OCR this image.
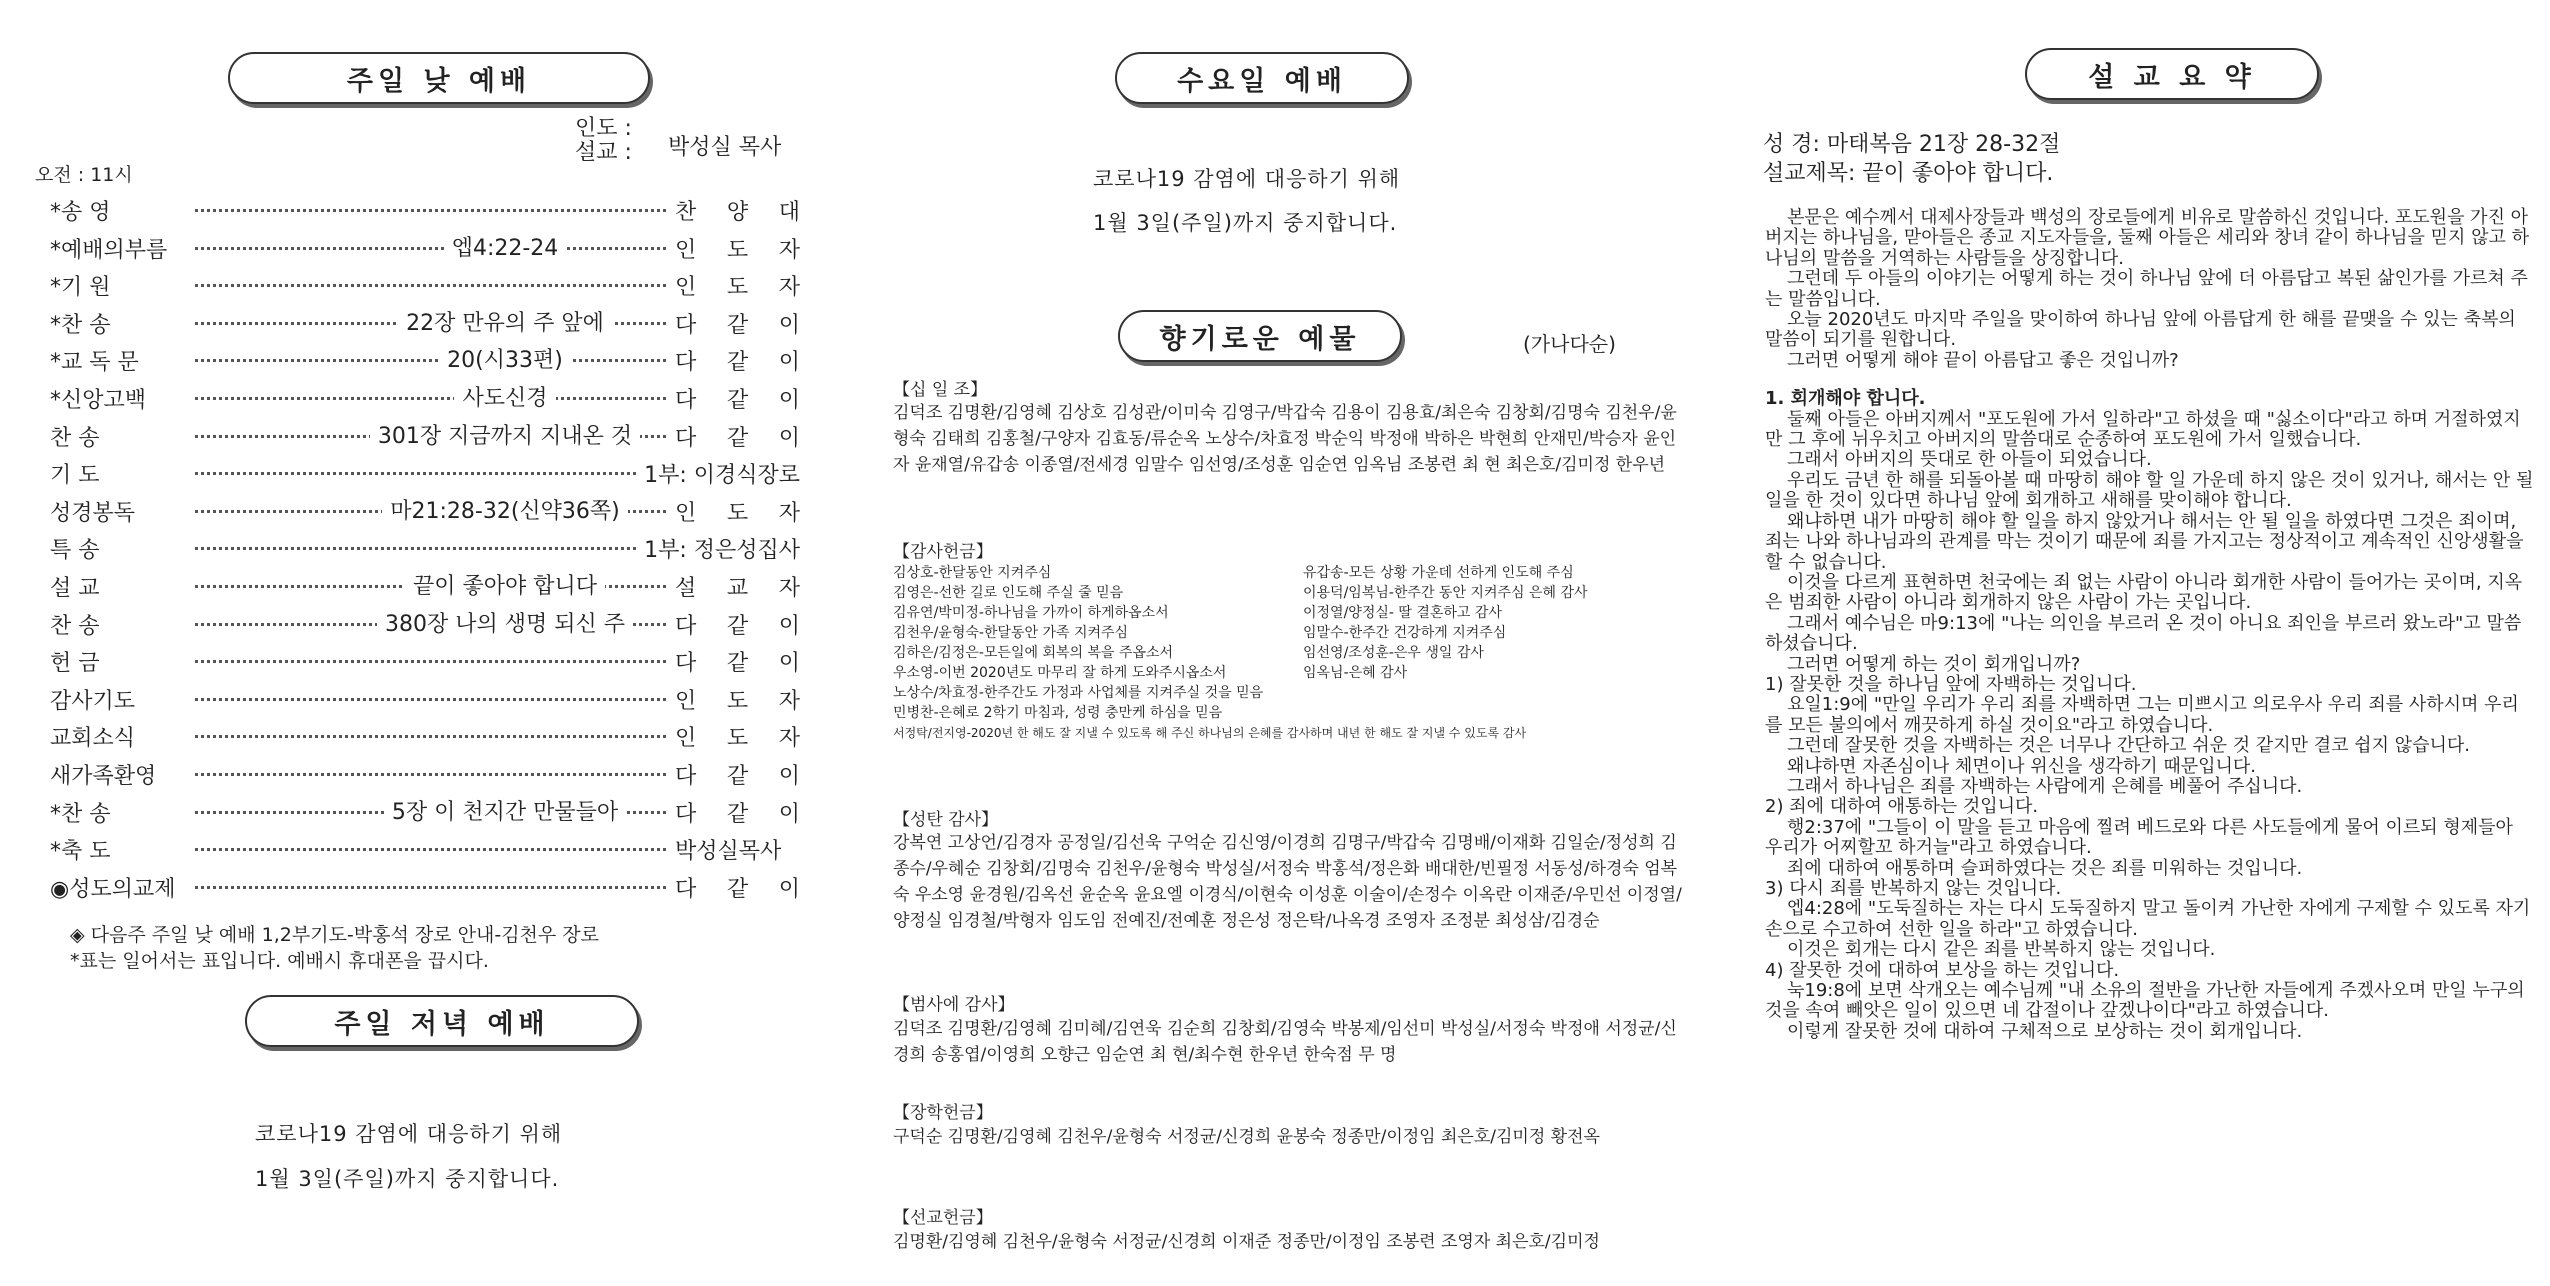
주일 낮 예배
인도 :
설교 : 박성실 목사
오전 : 11시
*송 영	찬 양 대
*예배의부름	엡4:22-24	인 도 자
*기 원	인 도 자
*찬 송	22장 만유의 주 앞에	다 같 이
*교 독 문	20(시33편)	다 같 이
*신앙고백	사도신경	다 같 이
찬 송	301장 지금까지 지내온 것	다 같 이
기 도	1부: 이경식장로
성경봉독	마21:28-32(신약36쪽)	인 도 자
특 송	1부: 정은성집사
설 교	끝이 좋아야 합니다	설 교 자
찬 송	380장 나의 생명 되신 주	다 같 이
헌 금	다 같 이
감사기도	인 도 자
교회소식	인 도 자
새가족환영	다 같 이
*찬 송	5장 이 천지간 만물들아	다 같 이
*축 도	박성실목사
◉성도의교제	다 같 이
◈ 다음주 주일 낮 예배 1,2부기도-박홍석 장로 안내-김천우 장로
*표는 일어서는 표입니다. 예배시 휴대폰을 끕시다.
주일 저녁 예배
코로나19 감염에 대응하기 위해
1월 3일(주일)까지 중지합니다.
수요일 예배
코로나19 감염에 대응하기 위해
1월 3일(주일)까지 중지합니다.
향기로운 예물	(가나다순)
【십 일 조】
김덕조 김명환/김영혜 김상호 김성관/이미숙 김영구/박갑숙 김용이 김용효/최은숙 김창회/김명숙 김천우/윤형숙 김태희 김홍철/구양자 김효동/류순옥 노상수/차효정 박순익 박정애 박하은 박현희 안재민/박승자 윤인자 윤재열/유갑송 이종열/전세경 임말수 임선영/조성훈 임순연 임옥님 조봉련 최 현 최은호/김미정 한우년
【감사헌금】
김상호-한달동안 지켜주심	유갑송-모든 상황 가운데 선하게 인도해 주심
김영은-선한 길로 인도해 주실 줄 믿음	이용덕/임복님-한주간 동안 지켜주심 은혜 감사
김유연/박미정-하나님을 가까이 하게하옵소서	이정열/양정실- 딸 결혼하고 감사
김천우/윤형숙-한달동안 가족 지켜주심	임말수-한주간 건강하게 지켜주심
김하은/김정은-모든일에 회복의 복을 주옵소서	임선영/조성훈-은우 생일 감사
우소영-이번 2020년도 마무리 잘 하게 도와주시옵소서	임옥님-은혜 감사
노상수/차효정-한주간도 가정과 사업체를 지켜주실 것을 믿음
민병찬-은혜로 2학기 마침과, 성령 충만케 하심을 믿음
서정탁/전지영-2020년 한 해도 잘 지낼 수 있도록 해 주신 하나님의 은혜를 감사하며 내년 한 해도 잘 지낼 수 있도록 감사
【성탄 감사】
강복연 고상언/김경자 공정일/김선욱 구억순 김신영/이경희 김명구/박갑숙 김명배/이재화 김일순/정성희 김종수/우혜순 김창회/김명숙 김천우/윤형숙 박성실/서정숙 박홍석/정은화 배대한/빈필정 서동성/하경숙 엄복숙 우소영 윤경원/김옥선 윤순옥 윤요엘 이경식/이현숙 이성훈 이술이/손정수 이옥란 이재준/우민선 이정열/양정실 임경철/박형자 임도임 전예진/전예훈 정은성 정은탁/나옥경 조영자 조정분 최성삼/김경순
【범사에 감사】
김덕조 김명환/김영혜 김미혜/김연욱 김순희 김창회/김영숙 박봉제/임선미 박성실/서정숙 박정애 서정균/신경희 송홍엽/이영희 오향근 임순연 최 현/최수현 한우년 한숙점 무 명
【장학헌금】
구덕순 김명환/김영혜 김천우/윤형숙 서정균/신경희 윤봉숙 정종만/이정임 최은호/김미정 황전옥
【선교헌금】
김명환/김영혜 김천우/윤형숙 서정균/신경희 이재준 정종만/이정임 조봉련 조영자 최은호/김미정
설 교 요 약
성 경: 마태복음 21장 28-32절
설교제목: 끝이 좋아야 합니다.
본문은 예수께서 대제사장들과 백성의 장로들에게 비유로 말씀하신 것입니다. 포도원을 가진 아버지는 하나님을, 맏아들은 종교 지도자들을, 둘째 아들은 세리와 창녀 같이 하나님을 믿지 않고 하나님의 말씀을 거역하는 사람들을 상징합니다.
그런데 두 아들의 이야기는 어떻게 하는 것이 하나님 앞에 더 아름답고 복된 삶인가를 가르쳐 주는 말씀입니다.
오늘 2020년도 마지막 주일을 맞이하여 하나님 앞에 아름답게 한 해를 끝맺을 수 있는 축복의 말씀이 되기를 원합니다.
그러면 어떻게 해야 끝이 아름답고 좋은 것입니까?
1. 회개해야 합니다.
둘째 아들은 아버지께서 "포도원에 가서 일하라"고 하셨을 때 "싫소이다"라고 하며 거절하였지만 그 후에 뉘우치고 아버지의 말씀대로 순종하여 포도원에 가서 일했습니다.
그래서 아버지의 뜻대로 한 아들이 되었습니다.
우리도 금년 한 해를 되돌아볼 때 마땅히 해야 할 일 가운데 하지 않은 것이 있거나, 해서는 안 될 일을 한 것이 있다면 하나님 앞에 회개하고 새해를 맞이해야 합니다.
왜냐하면 내가 마땅히 해야 할 일을 하지 않았거나 해서는 안 될 일을 하였다면 그것은 죄이며, 죄는 나와 하나님과의 관계를 막는 것이기 때문에 죄를 가지고는 정상적이고 계속적인 신앙생활을 할 수 없습니다.
이것을 다르게 표현하면 천국에는 죄 없는 사람이 아니라 회개한 사람이 들어가는 곳이며, 지옥은 범죄한 사람이 아니라 회개하지 않은 사람이 가는 곳입니다.
그래서 예수님은 마9:13에 "나는 의인을 부르러 온 것이 아니요 죄인을 부르러 왔노라"고 말씀하셨습니다.
그러면 어떻게 하는 것이 회개입니까?
1) 잘못한 것을 하나님 앞에 자백하는 것입니다.
요일1:9에 "만일 우리가 우리 죄를 자백하면 그는 미쁘시고 의로우사 우리 죄를 사하시며 우리를 모든 불의에서 깨끗하게 하실 것이요"라고 하였습니다.
그런데 잘못한 것을 자백하는 것은 너무나 간단하고 쉬운 것 같지만 결코 쉽지 않습니다.
왜냐하면 자존심이나 체면이나 위신을 생각하기 때문입니다.
그래서 하나님은 죄를 자백하는 사람에게 은혜를 베풀어 주십니다.
2) 죄에 대하여 애통하는 것입니다.
행2:37에 "그들이 이 말을 듣고 마음에 찔려 베드로와 다른 사도들에게 물어 이르되 형제들아 우리가 어찌할꼬 하거늘"라고 하였습니다.
죄에 대하여 애통하며 슬퍼하였다는 것은 죄를 미워하는 것입니다.
3) 다시 죄를 반복하지 않는 것입니다.
엡4:28에 "도둑질하는 자는 다시 도둑질하지 말고 돌이켜 가난한 자에게 구제할 수 있도록 자기 손으로 수고하여 선한 일을 하라"고 하였습니다.
이것은 회개는 다시 같은 죄를 반복하지 않는 것입니다.
4) 잘못한 것에 대하여 보상을 하는 것입니다.
눅19:8에 보면 삭개오는 예수님께 "내 소유의 절반을 가난한 자들에게 주겠사오며 만일 누구의 것을 속여 빼앗은 일이 있으면 네 갑절이나 갚겠나이다"라고 하였습니다.
이렇게 잘못한 것에 대하여 구체적으로 보상하는 것이 회개입니다.
